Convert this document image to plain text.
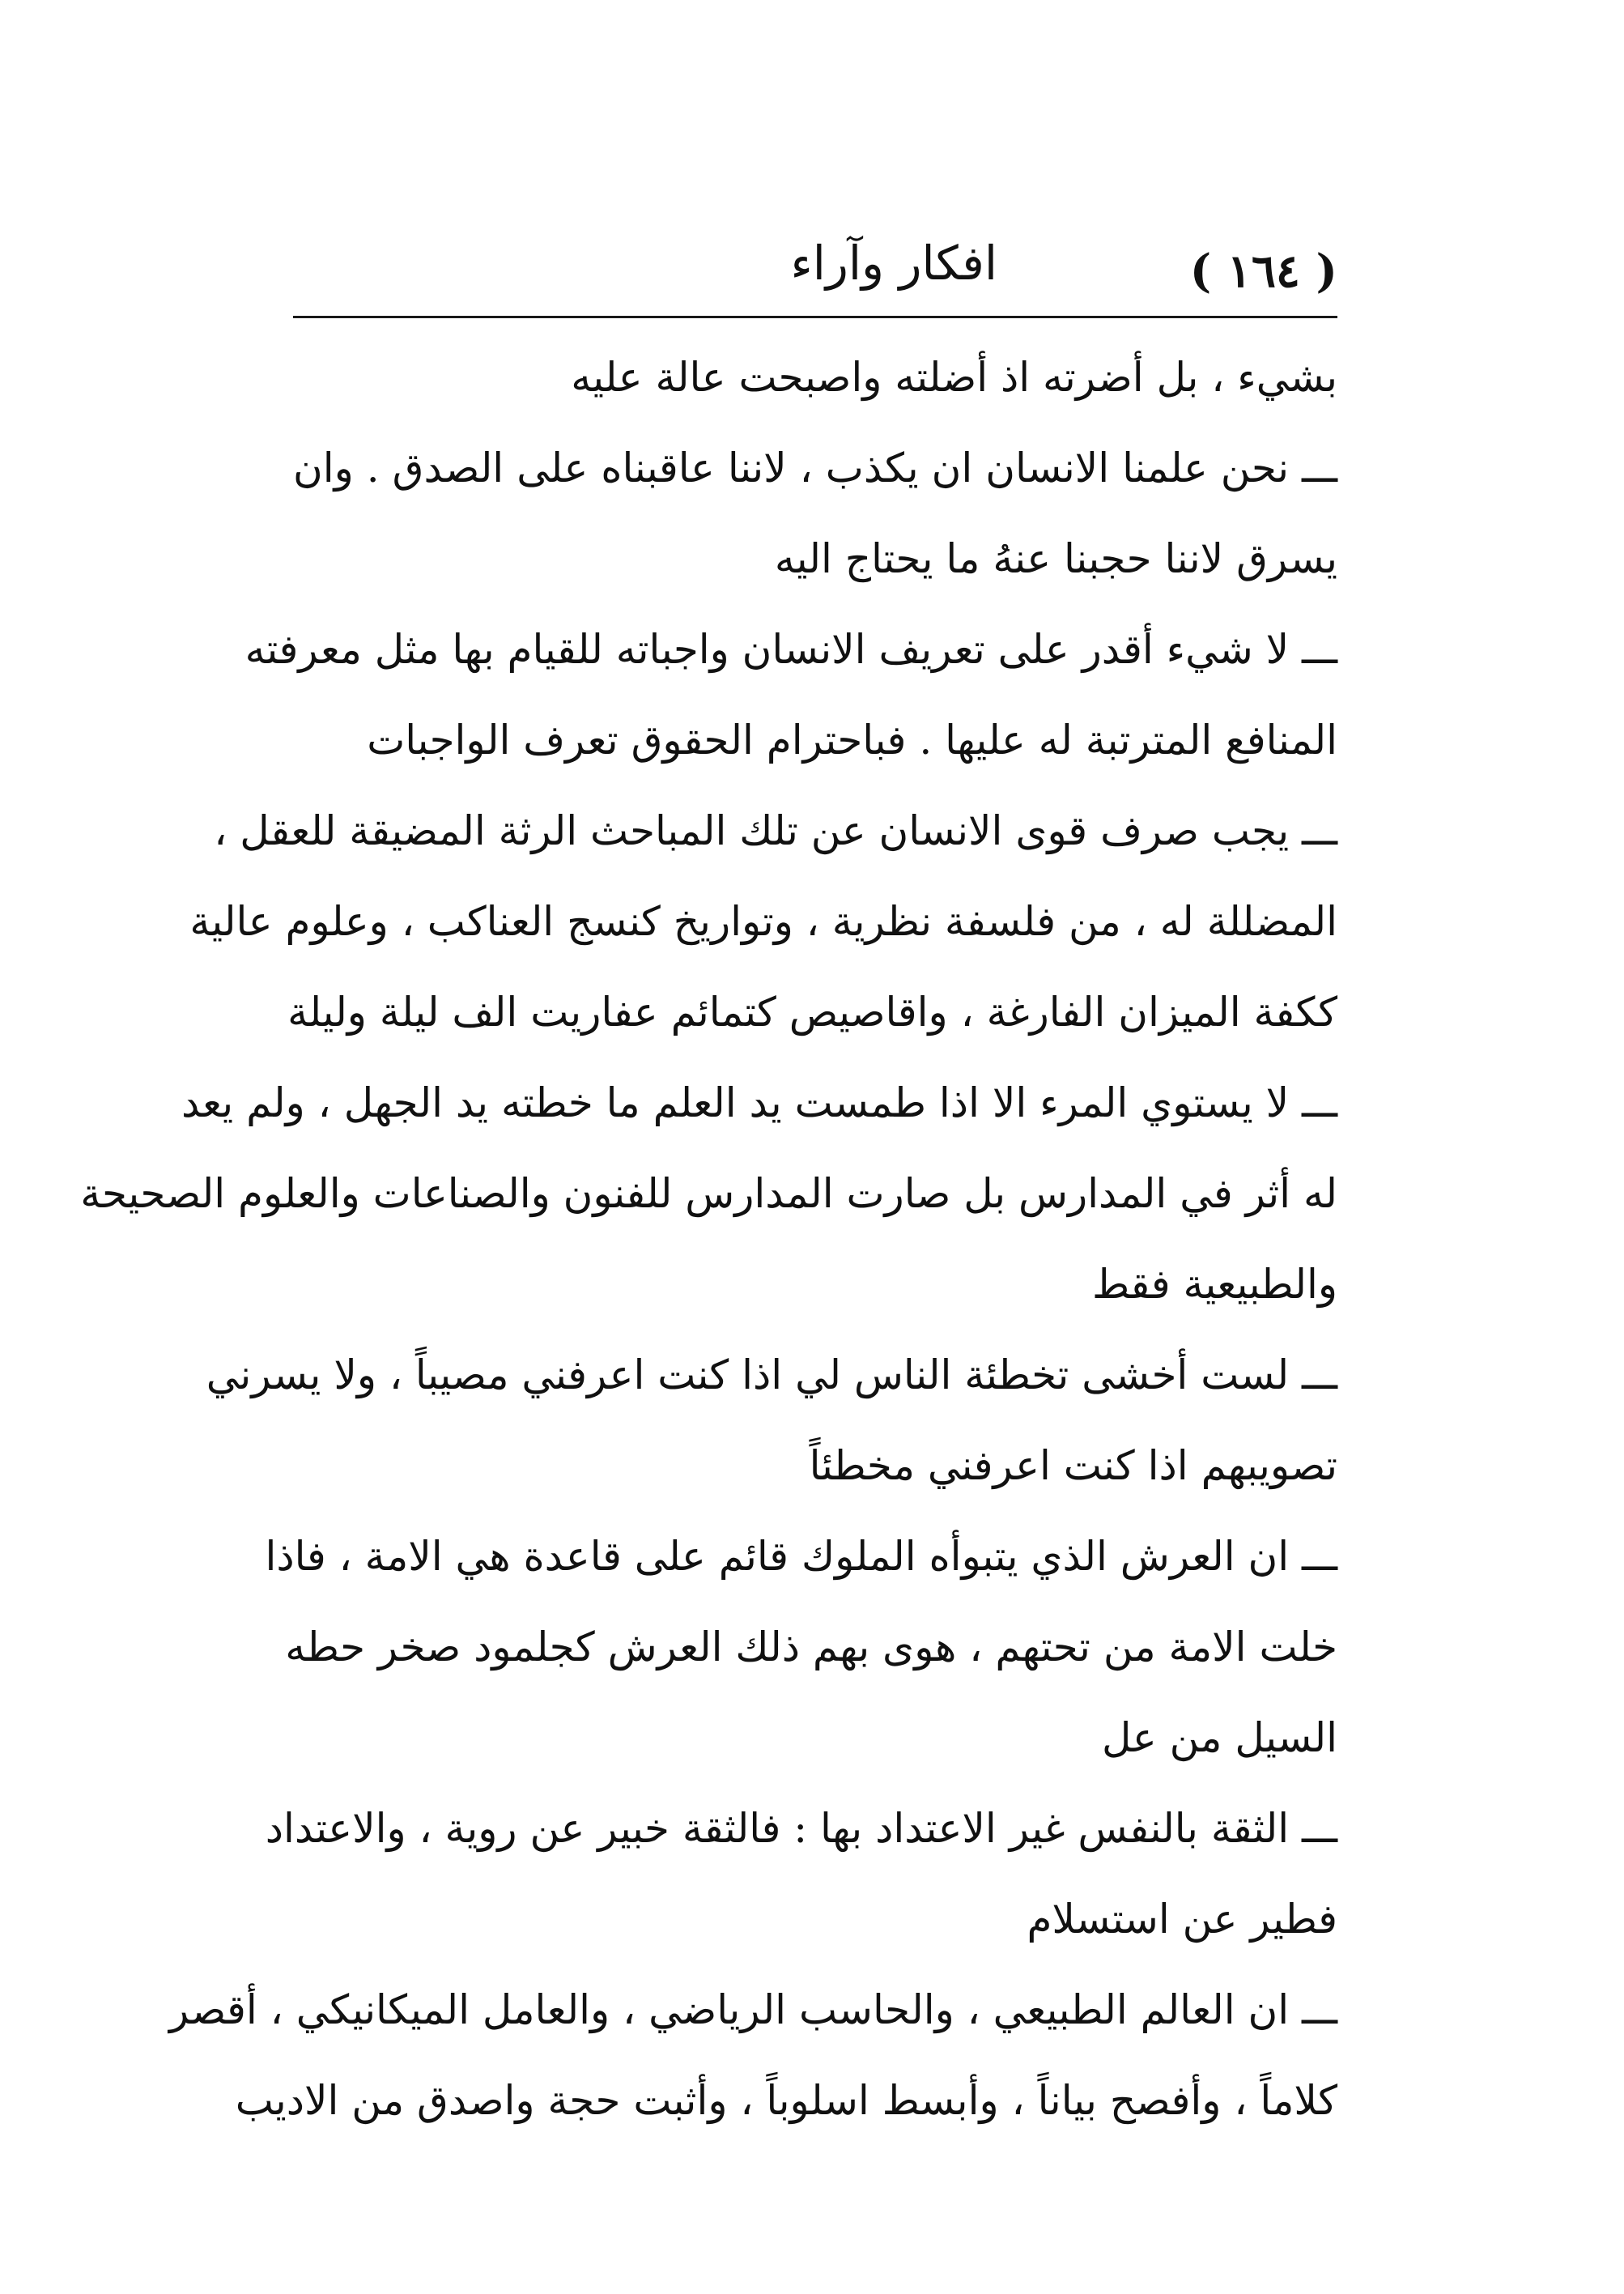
( ١٦٤ )
افكار وآراء
بشيء ، بل أضرته اذ أضلته واصبحت عالة عليه
ـــ نحن علمنا الانسان ان يكذب ، لاننا عاقبناه على الصدق . وان
يسرق لاننا حجبنا عنهُ ما يحتاج اليه
ـــ لا شيء أقدر على تعريف الانسان واجباته للقيام بها مثل معرفته
المنافع المترتبة له عليها . فباحترام الحقوق تعرف الواجبات
ـــ يجب صرف قوى الانسان عن تلك المباحث الرثة المضيقة للعقل ،
المضللة له ، من فلسفة نظرية ، وتواريخ كنسج العناكب ، وعلوم عالية
ككفة الميزان الفارغة ، واقاصيص كتمائم عفاريت الف ليلة وليلة
ـــ لا يستوي المرء الا اذا طمست يد العلم ما خطته يد الجهل ، ولم يعد
له أثر في المدارس بل صارت المدارس للفنون والصناعات والعلوم الصحيحة
والطبيعية فقط
ـــ لست أخشى تخطئة الناس لي اذا كنت اعرفني مصيباً ، ولا يسرني
تصويبهم اذا كنت اعرفني مخطئاً
ـــ ان العرش الذي يتبوأه الملوك قائم على قاعدة هي الامة ، فاذا
خلت الامة من تحتهم ، هوى بهم ذلك العرش كجلمود صخر حطه
السيل من عل
ـــ الثقة بالنفس غير الاعتداد بها : فالثقة خبير عن روية ، والاعتداد
فطير عن استسلام
ـــ ان العالم الطبيعي ، والحاسب الرياضي ، والعامل الميكانيكي ، أقصر
كلاماً ، وأفصح بياناً ، وأبسط اسلوباً ، وأثبت حجة واصدق من الاديب
